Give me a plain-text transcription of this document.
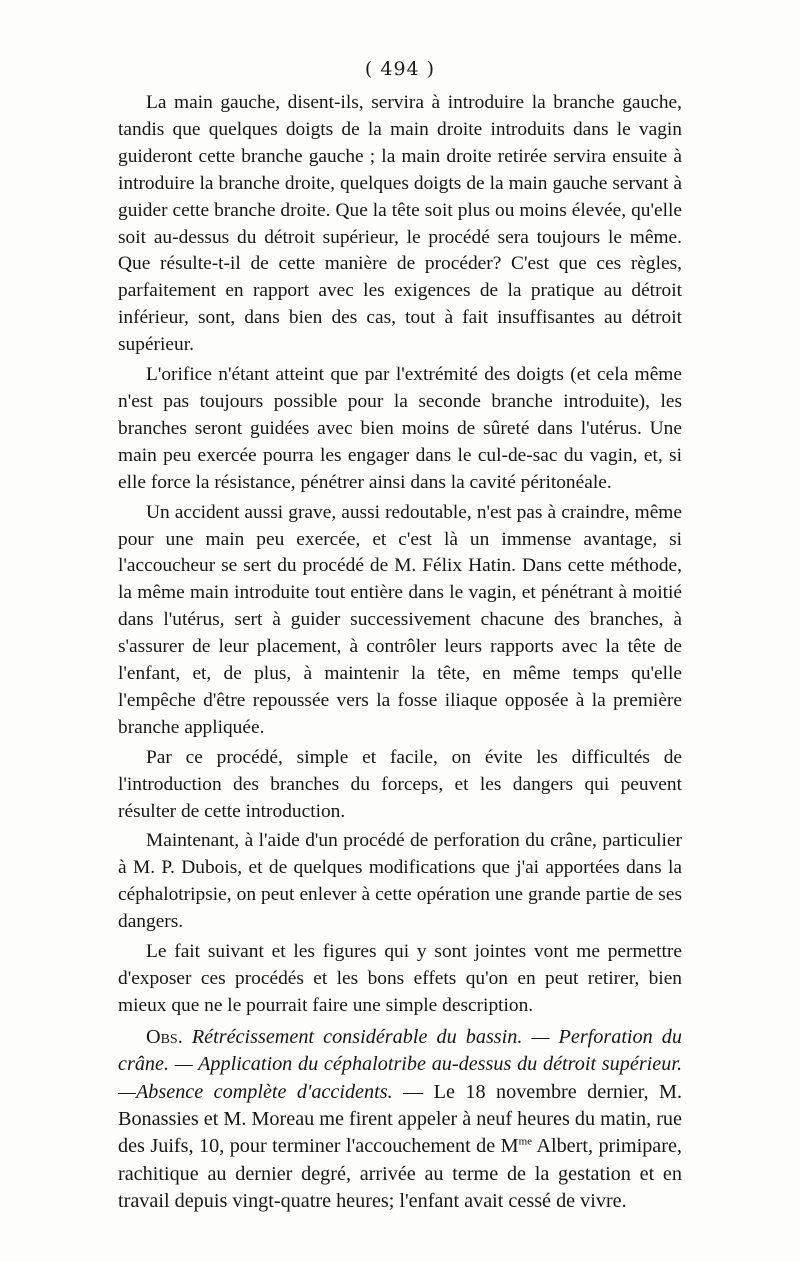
( 494 )

La main gauche, disent-ils, servira à introduire la branche gauche, tandis que quelques doigts de la main droite introduits dans le vagin guideront cette branche gauche ; la main droite retirée servira ensuite à introduire la branche droite, quelques doigts de la main gauche servant à guider cette branche droite. Que la tête soit plus ou moins élevée, qu'elle soit au-dessus du détroit supérieur, le procédé sera toujours le même. Que résulte-t-il de cette manière de procéder? C'est que ces règles, parfaitement en rapport avec les exigences de la pratique au détroit inférieur, sont, dans bien des cas, tout à fait insuffisantes au détroit supérieur.

L'orifice n'étant atteint que par l'extrémité des doigts (et cela même n'est pas toujours possible pour la seconde branche introduite), les branches seront guidées avec bien moins de sûreté dans l'utérus. Une main peu exercée pourra les engager dans le cul-de-sac du vagin, et, si elle force la résistance, pénétrer ainsi dans la cavité péritonéale.

Un accident aussi grave, aussi redoutable, n'est pas à craindre, même pour une main peu exercée, et c'est là un immense avantage, si l'accoucheur se sert du procédé de M. Félix Hatin. Dans cette méthode, la même main introduite tout entière dans le vagin, et pénétrant à moitié dans l'utérus, sert à guider successivement chacune des branches, à s'assurer de leur placement, à contrôler leurs rapports avec la tête de l'enfant, et, de plus, à maintenir la tête, en même temps qu'elle l'empêche d'être repoussée vers la fosse iliaque opposée à la première branche appliquée.

Par ce procédé, simple et facile, on évite les difficultés de l'introduction des branches du forceps, et les dangers qui peuvent résulter de cette introduction.

Maintenant, à l'aide d'un procédé de perforation du crâne, particulier à M. P. Dubois, et de quelques modifications que j'ai apportées dans la céphalotripsie, on peut enlever à cette opération une grande partie de ses dangers.

Le fait suivant et les figures qui y sont jointes vont me permettre d'exposer ces procédés et les bons effets qu'on en peut retirer, bien mieux que ne le pourrait faire une simple description.

Obs. Rétrécissement considérable du bassin. — Perforation du crâne. — Application du céphalotribe au-dessus du détroit supérieur.—Absence complète d'accidents. — Le 18 novembre dernier, M. Bonassies et M. Moreau me firent appeler à neuf heures du matin, rue des Juifs, 10, pour terminer l'accouchement de $M^{me}$ Albert, primipare, rachitique au dernier degré, arrivée au terme de la gestation et en travail depuis vingt-quatre heures; l'enfant avait cessé de vivre.
